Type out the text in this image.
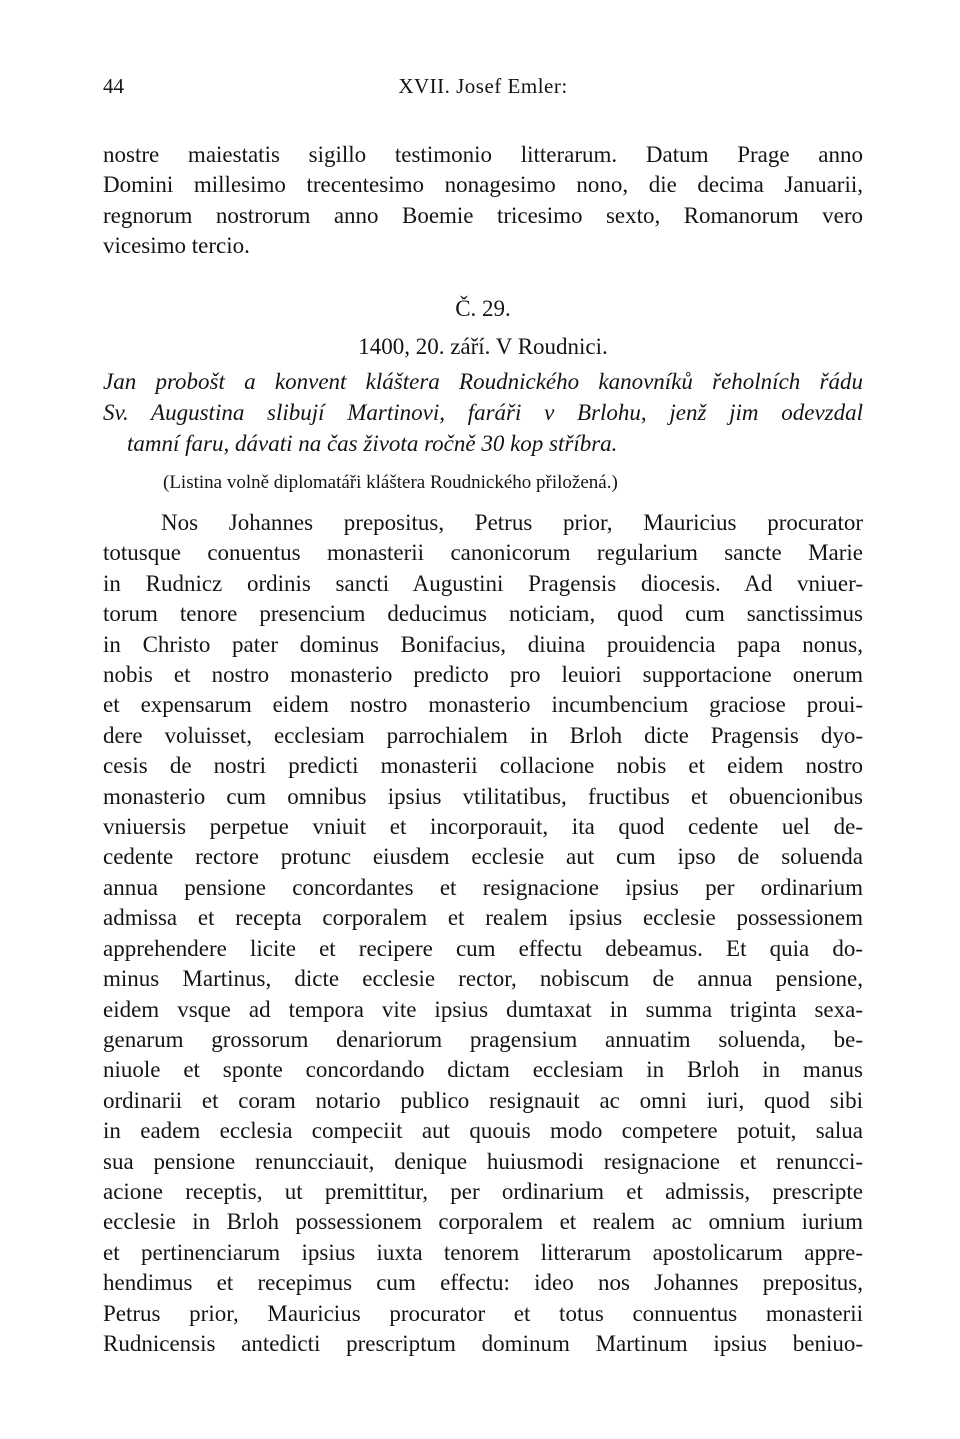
44	XVII. Josef Emler:
nostre maiestatis sigillo testimonio litterarum. Datum Prage anno
Domini millesimo trecentesimo nonagesimo nono, die decima Januarii,
regnorum nostrorum anno Boemie tricesimo sexto, Romanorum vero
vicesimo tercio.
Č. 29.
1400, 20. září. V Roudnici.
Jan probošt a konvent kláštera Roudnického kanovníků řeholních řádu
Sv. Augustina slibují Martinovi, faráři v Brlohu, jenž jim odevzdal
tamní faru, dávati na čas života ročně 30 kop stříbra.
(Listina volně diplomatáři kláštera Roudnického přiložená.)
Nos Johannes prepositus, Petrus prior, Mauricius procurator
totusque conuentus monasterii canonicorum regularium sancte Marie
in Rudnicz ordinis sancti Augustini Pragensis diocesis. Ad vniuer-
torum tenore presencium deducimus noticiam, quod cum sanctissimus
in Christo pater dominus Bonifacius, diuina prouidencia papa nonus,
nobis et nostro monasterio predicto pro leuiori supportacione onerum
et expensarum eidem nostro monasterio incumbencium graciose proui-
dere voluisset, ecclesiam parrochialem in Brloh dicte Pragensis dyo-
cesis de nostri predicti monasterii collacione nobis et eidem nostro
monasterio cum omnibus ipsius vtilitatibus, fructibus et obuencionibus
vniuersis perpetue vniuit et incorporauit, ita quod cedente uel de-
cedente rectore protunc eiusdem ecclesie aut cum ipso de soluenda
annua pensione concordantes et resignacione ipsius per ordinarium
admissa et recepta corporalem et realem ipsius ecclesie possessionem
apprehendere licite et recipere cum effectu debeamus. Et quia do-
minus Martinus, dicte ecclesie rector, nobiscum de annua pensione,
eidem vsque ad tempora vite ipsius dumtaxat in summa triginta sexa-
genarum grossorum denariorum pragensium annuatim soluenda, be-
niuole et sponte concordando dictam ecclesiam in Brloh in manus
ordinarii et coram notario publico resignauit ac omni iuri, quod sibi
in eadem ecclesia compeciit aut quouis modo competere potuit, salua
sua pensione renuncciauit, denique huiusmodi resignacione et renuncci-
acione receptis, ut premittitur, per ordinarium et admissis, prescripte
ecclesie in Brloh possessionem corporalem et realem ac omnium iurium
et pertinenciarum ipsius iuxta tenorem litterarum apostolicarum appre-
hendimus et recepimus cum effectu: ideo nos Johannes prepositus,
Petrus prior, Mauricius procurator et totus connuentus monasterii
Rudnicensis antedicti prescriptum dominum Martinum ipsius beniuo-
